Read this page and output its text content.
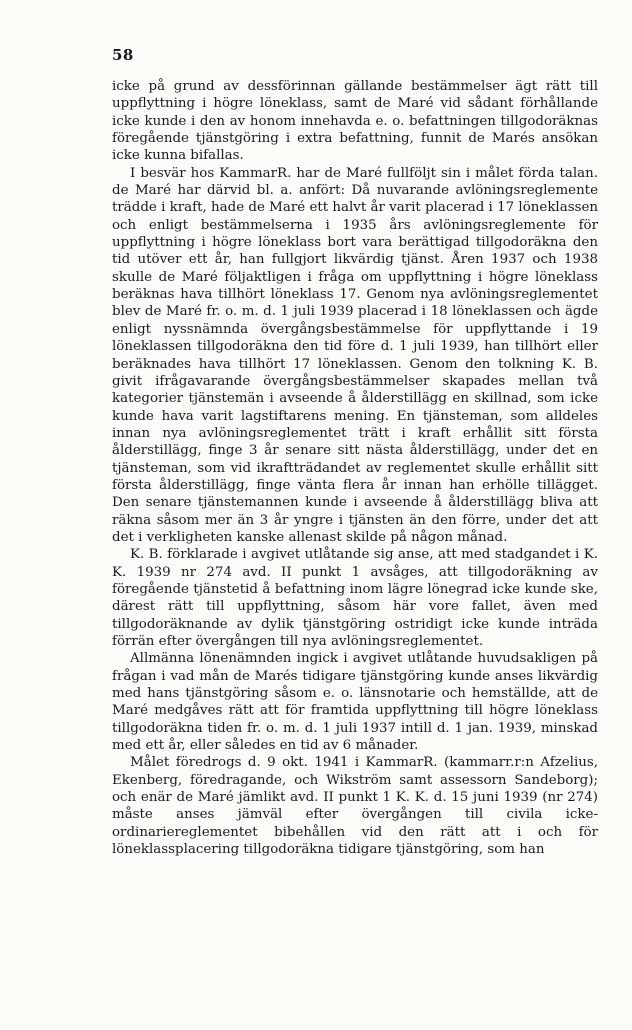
58

icke på grund av dessförinnan gällande bestämmelser ägt rätt till uppflyttning i högre löneklass, samt de Maré vid sådant förhållande icke kunde i den av honom innehavda e. o. befattningen tillgodoräknas föregående tjänstgöring i extra befattning, funnit de Marés ansökan icke kunna bifallas.

I besvär hos KammarR. har de Maré fullföljt sin i målet förda talan. de Maré har därvid bl. a. anfört: Då nuvarande avlöningsreglemente trädde i kraft, hade de Maré ett halvt år varit placerad i 17 löneklassen och enligt bestämmelserna i 1935 års avlöningsreglemente för uppflyttning i högre löneklass bort vara berättigad tillgodoräkna den tid utöver ett år, han fullgjort likvärdig tjänst. Åren 1937 och 1938 skulle de Maré följaktligen i fråga om uppflyttning i högre löneklass beräknas hava tillhört löneklass 17. Genom nya avlöningsreglementet blev de Maré fr. o. m. d. 1 juli 1939 placerad i 18 löneklassen och ägde enligt nyssnämnda övergångsbestämmelse för uppflyttande i 19 löneklassen tillgodoräkna den tid före d. 1 juli 1939, han tillhört eller beräknades hava tillhört 17 löneklassen. Genom den tolkning K. B. givit ifrågavarande övergångsbestämmelser skapades mellan två kategorier tjänstemän i avseende å ålderstillägg en skillnad, som icke kunde hava varit lagstiftarens mening. En tjänsteman, som alldeles innan nya avlöningsreglementet trätt i kraft erhållit sitt första ålderstillägg, finge 3 år senare sitt nästa ålderstillägg, under det en tjänsteman, som vid ikraftträdandet av reglementet skulle erhållit sitt första ålderstillägg, finge vänta flera år innan han erhölle tillägget. Den senare tjänstemannen kunde i avseende å ålderstillägg bliva att räkna såsom mer än 3 år yngre i tjänsten än den förre, under det att det i verkligheten kanske allenast skilde på någon månad.

K. B. förklarade i avgivet utlåtande sig anse, att med stadgandet i K. K. 1939 nr 274 avd. II punkt 1 avsåges, att tillgodoräkning av föregående tjänstetid å befattning inom lägre lönegrad icke kunde ske, därest rätt till uppflyttning, såsom här vore fallet, även med tillgodoräknande av dylik tjänstgöring ostridigt icke kunde inträda förrän efter övergången till nya avlöningsreglementet.

Allmänna lönenämnden ingick i avgivet utlåtande huvudsakligen på frågan i vad mån de Marés tidigare tjänstgöring kunde anses likvärdig med hans tjänstgöring såsom e. o. länsnotarie och hemställde, att de Maré medgåves rätt att för framtida uppflyttning till högre löneklass tillgodoräkna tiden fr. o. m. d. 1 juli 1937 intill d. 1 jan. 1939, minskad med ett år, eller således en tid av 6 månader.

Målet föredrogs d. 9 okt. 1941 i KammarR. (kammarr.r:n Afzelius, Ekenberg, föredragande, och Wikström samt assessorn Sandeborg); och enär de Maré jämlikt avd. II punkt 1 K. K. d. 15 juni 1939 (nr 274) måste anses jämväl efter övergången till civila icke-ordinariereglementet bibehållen vid den rätt att i och för löneklassplacering tillgodoräkna tidigare tjänstgöring, som han
